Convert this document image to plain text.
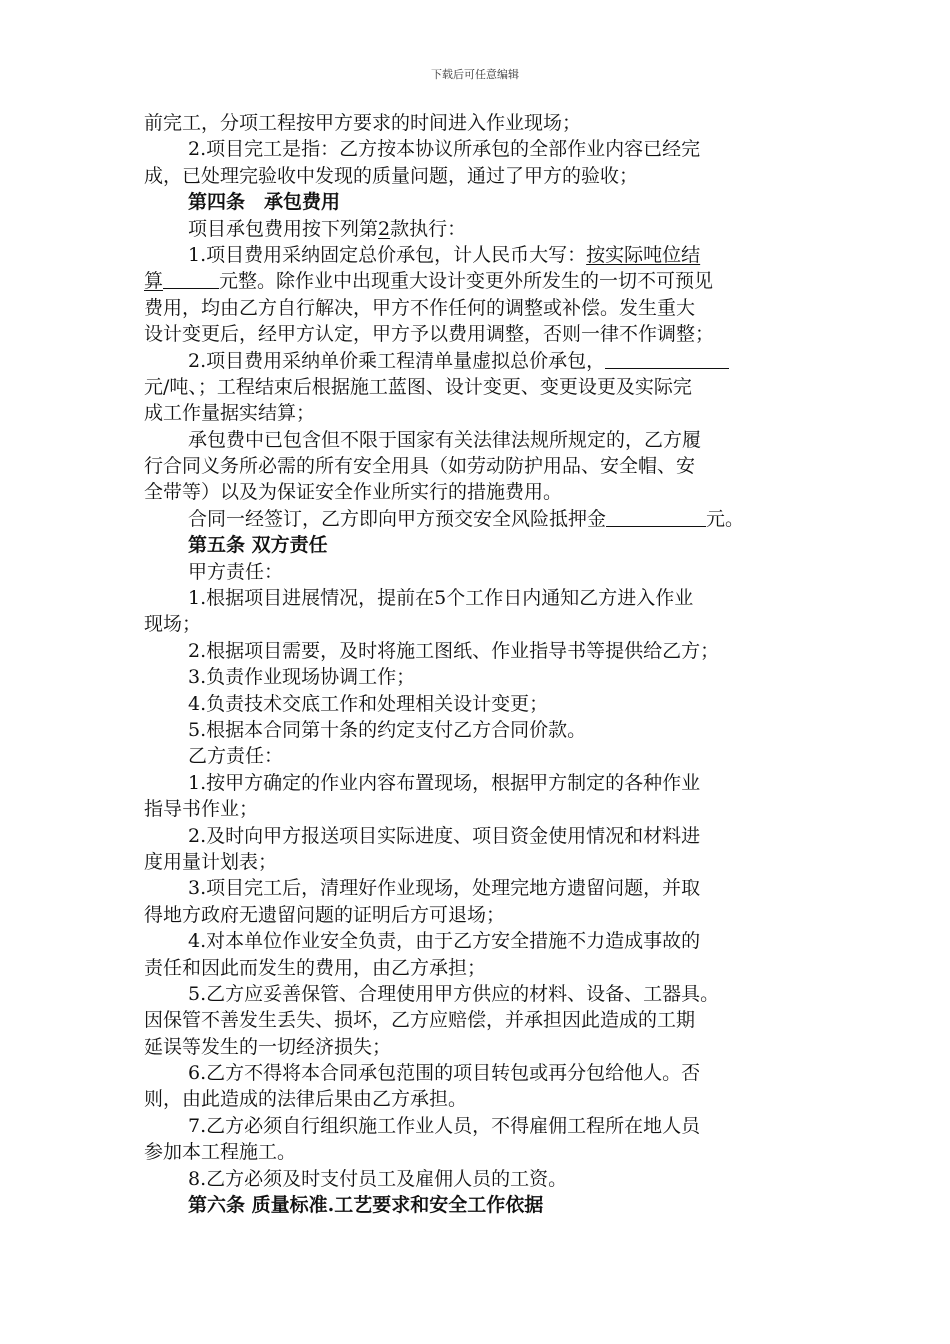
下载后可任意编辑
前完工，分项工程按甲方要求的时间进入作业现场；
2.项目完工是指：乙方按本协议所承包的全部作业内容已经完
成，已处理完验收中发现的质量问题，通过了甲方的验收；
第四条　承包费用
项目承包费用按下列第2款执行：
1.项目费用采纳固定总价承包，计人民币大写：按实际吨位结
算	元整。除作业中出现重大设计变更外所发生的一切不可预见
费用，均由乙方自行解决，甲方不作任何的调整或补偿。发生重大
设计变更后，经甲方认定，甲方予以费用调整，否则一律不作调整；
2.项目费用采纳单价乘工程清单量虚拟总价承包，
元/吨、；工程结束后根据施工蓝图、设计变更、变更设更及实际完
成工作量据实结算；
承包费中已包含但不限于国家有关法律法规所规定的，乙方履
行合同义务所必需的所有安全用具（如劳动防护用品、安全帽、安
全带等）以及为保证安全作业所实行的措施费用。
合同一经签订，乙方即向甲方预交安全风险抵押金	元。
第五条 双方责任
甲方责任：
1.根据项目进展情况，提前在5个工作日内通知乙方进入作业
现场；
2.根据项目需要，及时将施工图纸、作业指导书等提供给乙方；
3.负责作业现场协调工作；
4.负责技术交底工作和处理相关设计变更；
5.根据本合同第十条的约定支付乙方合同价款。
乙方责任：
1.按甲方确定的作业内容布置现场，根据甲方制定的各种作业
指导书作业；
2.及时向甲方报送项目实际进度、项目资金使用情况和材料进
度用量计划表；
3.项目完工后，清理好作业现场，处理完地方遗留问题，并取
得地方政府无遗留问题的证明后方可退场；
4.对本单位作业安全负责，由于乙方安全措施不力造成事故的
责任和因此而发生的费用，由乙方承担；
5.乙方应妥善保管、合理使用甲方供应的材料、设备、工器具。
因保管不善发生丢失、损坏，乙方应赔偿，并承担因此造成的工期
延误等发生的一切经济损失；
6.乙方不得将本合同承包范围的项目转包或再分包给他人。否
则，由此造成的法律后果由乙方承担。
7.乙方必须自行组织施工作业人员，不得雇佣工程所在地人员
参加本工程施工。
8.乙方必须及时支付员工及雇佣人员的工资。
第六条 质量标准.工艺要求和安全工作依据
